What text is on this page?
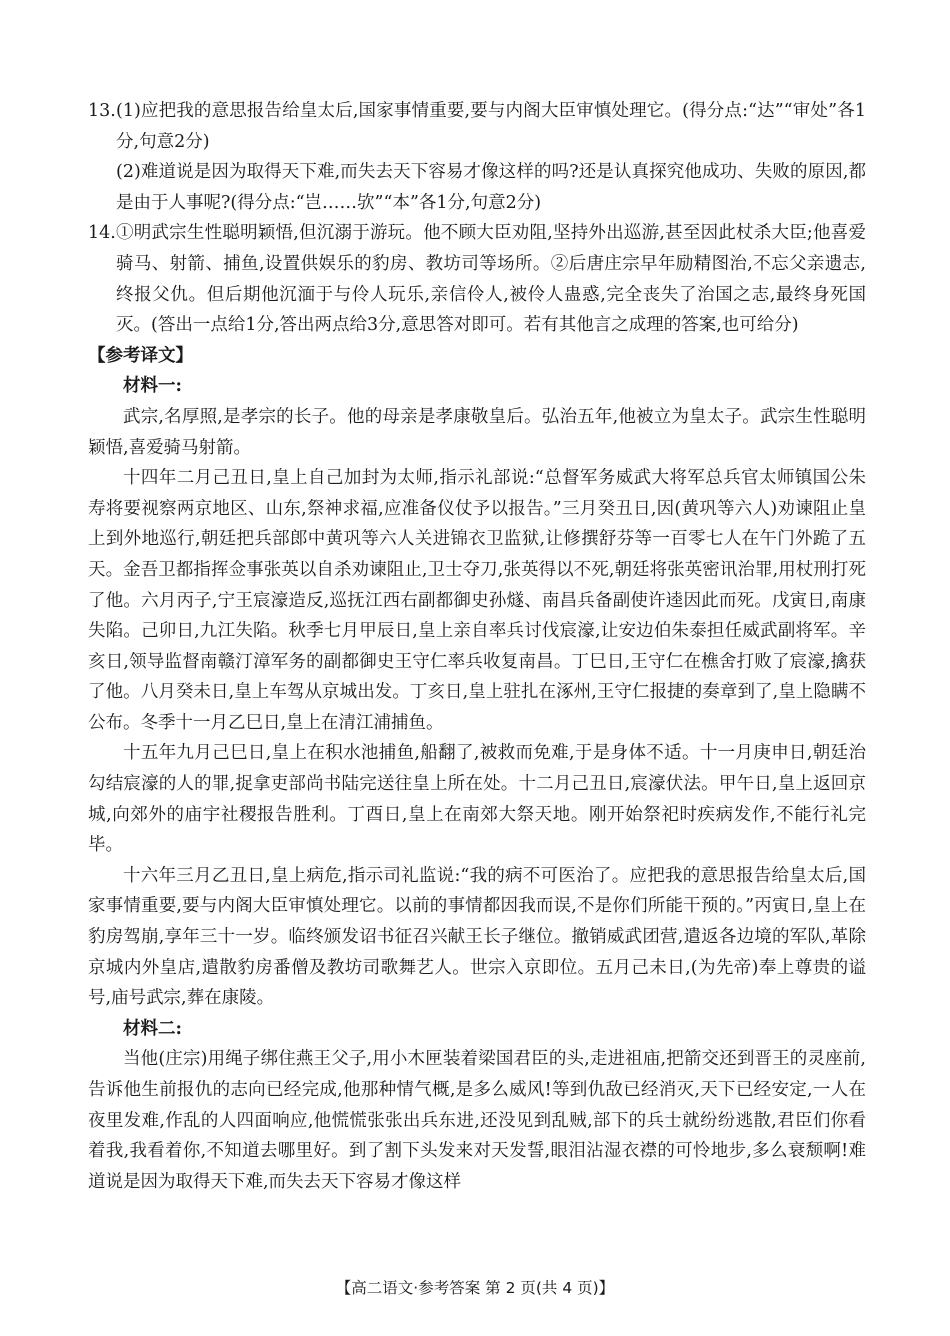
13. (1)应把我的意思报告给皇太后,国家事情重要,要与内阁大臣审慎处理它。(得分点:“达”“审处”各1分,句意2分)

(2)难道说是因为取得天下难,而失去天下容易才像这样的吗?还是认真探究他成功、失败的原因,都是由于人事呢?(得分点:“岂……欤”“本”各1分,句意2分)

14. ①明武宗生性聪明颖悟,但沉溺于游玩。他不顾大臣劝阻,坚持外出巡游,甚至因此杖杀大臣;他喜爱骑马、射箭、捕鱼,设置供娱乐的豹房、教坊司等场所。②后唐庄宗早年励精图治,不忘父亲遗志,终报父仇。但后期他沉湎于与伶人玩乐,亲信伶人,被伶人蛊惑,完全丧失了治国之志,最终身死国灭。(答出一点给1分,答出两点给3分,意思答对即可。若有其他言之成理的答案,也可给分)

【参考译文】

材料一:

武宗,名厚照,是孝宗的长子。他的母亲是孝康敬皇后。弘治五年,他被立为皇太子。武宗生性聪明颖悟,喜爱骑马射箭。

十四年二月己丑日,皇上自己加封为太师,指示礼部说:“总督军务威武大将军总兵官太师镇国公朱寿将要视察两京地区、山东,祭神求福,应准备仪仗予以报告。”三月癸丑日,因(黄巩等六人)劝谏阻止皇上到外地巡行,朝廷把兵部郎中黄巩等六人关进锦衣卫监狱,让修撰舒芬等一百零七人在午门外跪了五天。金吾卫都指挥佥事张英以自杀劝谏阻止,卫士夺刀,张英得以不死,朝廷将张英密讯治罪,用杖刑打死了他。六月丙子,宁王宸濠造反,巡抚江西右副都御史孙燧、南昌兵备副使许逵因此而死。戊寅日,南康失陷。己卯日,九江失陷。秋季七月甲辰日,皇上亲自率兵讨伐宸濠,让安边伯朱泰担任威武副将军。辛亥日,领导监督南赣汀漳军务的副都御史王守仁率兵收复南昌。丁巳日,王守仁在樵舍打败了宸濠,擒获了他。八月癸未日,皇上车驾从京城出发。丁亥日,皇上驻扎在涿州,王守仁报捷的奏章到了,皇上隐瞒不公布。冬季十一月乙巳日,皇上在清江浦捕鱼。

十五年九月己巳日,皇上在积水池捕鱼,船翻了,被救而免难,于是身体不适。十一月庚申日,朝廷治勾结宸濠的人的罪,捉拿吏部尚书陆完送往皇上所在处。十二月己丑日,宸濠伏法。甲午日,皇上返回京城,向郊外的庙宇社稷报告胜利。丁酉日,皇上在南郊大祭天地。刚开始祭祀时疾病发作,不能行礼完毕。

十六年三月乙丑日,皇上病危,指示司礼监说:“我的病不可医治了。应把我的意思报告给皇太后,国家事情重要,要与内阁大臣审慎处理它。以前的事情都因我而误,不是你们所能干预的。”丙寅日,皇上在豹房驾崩,享年三十一岁。临终颁发诏书征召兴献王长子继位。撤销威武团营,遣返各边境的军队,革除京城内外皇店,遣散豹房番僧及教坊司歌舞艺人。世宗入京即位。五月己未日,(为先帝)奉上尊贵的谥号,庙号武宗,葬在康陵。

材料二:

当他(庄宗)用绳子绑住燕王父子,用小木匣装着梁国君臣的头,走进祖庙,把箭交还到晋王的灵座前,告诉他生前报仇的志向已经完成,他那种情气概,是多么威风!等到仇敌已经消灭,天下已经安定,一人在夜里发难,作乱的人四面响应,他慌慌张张出兵东进,还没见到乱贼,部下的兵士就纷纷逃散,君臣们你看着我,我看着你,不知道去哪里好。到了割下头发来对天发誓,眼泪沾湿衣襟的可怜地步,多么衰颓啊!难道说是因为取得天下难,而失去天下容易才像这样

【高二语文·参考答案 第 2 页(共 4 页)】
